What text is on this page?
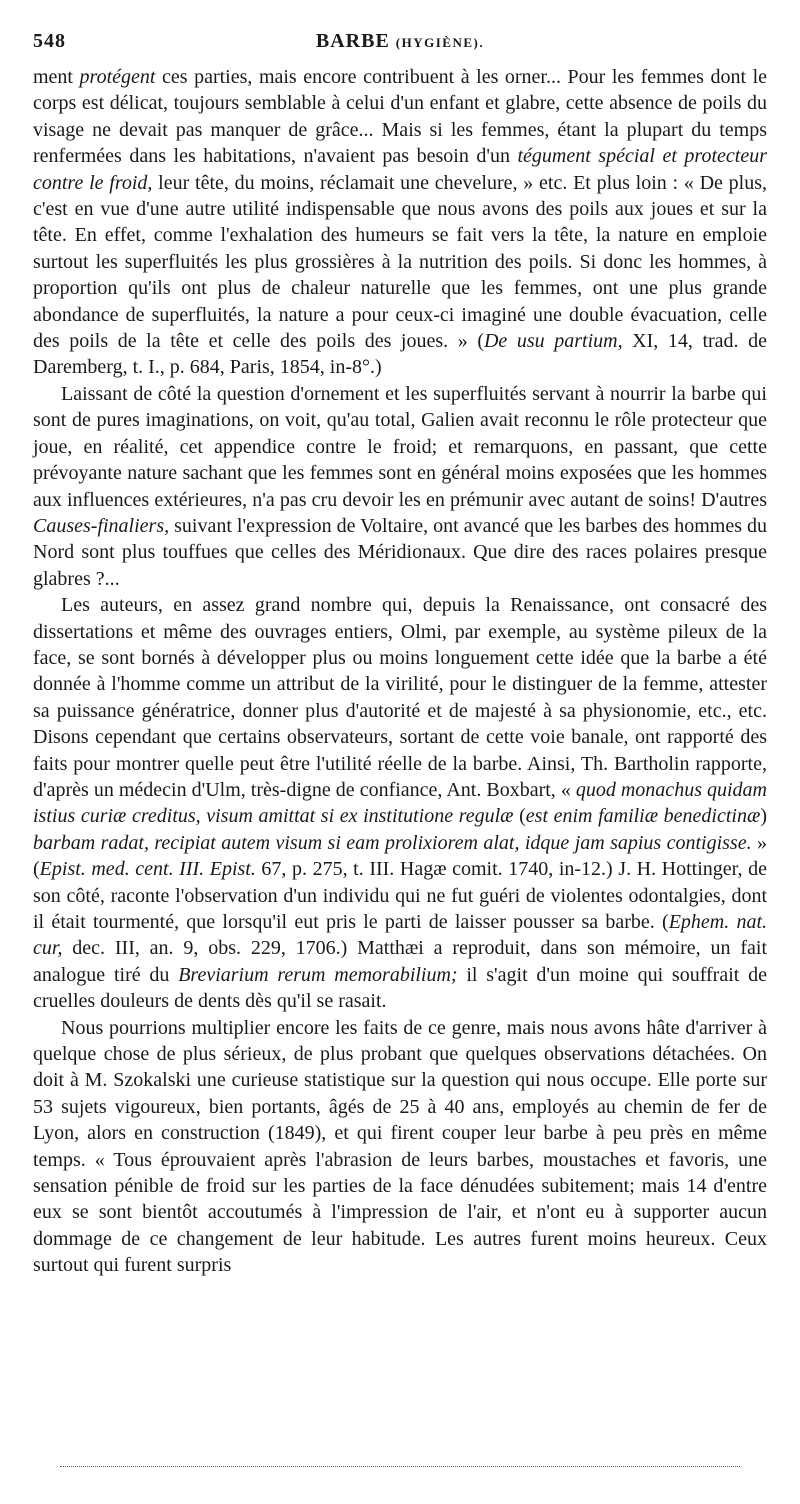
548	BARBE (HYGIÈNE).

ment protégent ces parties, mais encore contribuent à les orner... Pour les femmes dont le corps est délicat, toujours semblable à celui d'un enfant et glabre, cette absence de poils du visage ne devait pas manquer de grâce... Mais si les femmes, étant la plupart du temps renfermées dans les habitations, n'avaient pas besoin d'un tégument spécial et protecteur contre le froid, leur tête, du moins, réclamait une chevelure, » etc. Et plus loin : « De plus, c'est en vue d'une autre utilité indispensable que nous avons des poils aux joues et sur la tête. En effet, comme l'exhalation des humeurs se fait vers la tête, la nature en emploie surtout les superfluités les plus grossières à la nutrition des poils. Si donc les hommes, à proportion qu'ils ont plus de chaleur naturelle que les femmes, ont une plus grande abondance de superfluités, la nature a pour ceux-ci imaginé une double évacuation, celle des poils de la tête et celle des poils des joues. » (De usu partium, XI, 14, trad. de Daremberg, t. I., p. 684, Paris, 1854, in-8°.)

Laissant de côté la question d'ornement et les superfluités servant à nourrir la barbe qui sont de pures imaginations, on voit, qu'au total, Galien avait reconnu le rôle protecteur que joue, en réalité, cet appendice contre le froid; et remarquons, en passant, que cette prévoyante nature sachant que les femmes sont en général moins exposées que les hommes aux influences extérieures, n'a pas cru devoir les en prémunir avec autant de soins! D'autres Causes-finaliers, suivant l'expression de Voltaire, ont avancé que les barbes des hommes du Nord sont plus touffues que celles des Méridionaux. Que dire des races polaires presque glabres ?...

Les auteurs, en assez grand nombre qui, depuis la Renaissance, ont consacré des dissertations et même des ouvrages entiers, Olmi, par exemple, au système pileux de la face, se sont bornés à développer plus ou moins longuement cette idée que la barbe a été donnée à l'homme comme un attribut de la virilité, pour le distinguer de la femme, attester sa puissance génératrice, donner plus d'autorité et de majesté à sa physionomie, etc., etc. Disons cependant que certains observateurs, sortant de cette voie banale, ont rapporté des faits pour montrer quelle peut être l'utilité réelle de la barbe. Ainsi, Th. Bartholin rapporte, d'après un médecin d'Ulm, très-digne de confiance, Ant. Boxbart, « quod monachus quidam istius curiæ creditus, visum amittat si ex institutione regulæ (est enim familiæ benedictinæ) barbam radat, recipiat autem visum si eam prolixiorem alat, idque jam sapius contigisse. » (Epist. med. cent. III. Epist. 67, p. 275, t. III. Hagæ comit. 1740, in-12.) J. H. Hottinger, de son côté, raconte l'observation d'un individu qui ne fut guéri de violentes odontalgies, dont il était tourmenté, que lorsqu'il eut pris le parti de laisser pousser sa barbe. (Ephem. nat. cur, dec. III, an. 9, obs. 229, 1706.) Matthæi a reproduit, dans son mémoire, un fait analogue tiré du Breviarium rerum memorabilium; il s'agit d'un moine qui souffrait de cruelles douleurs de dents dès qu'il se rasait.

Nous pourrions multiplier encore les faits de ce genre, mais nous avons hâte d'arriver à quelque chose de plus sérieux, de plus probant que quelques observations détachées. On doit à M. Szokalski une curieuse statistique sur la question qui nous occupe. Elle porte sur 53 sujets vigoureux, bien portants, âgés de 25 à 40 ans, employés au chemin de fer de Lyon, alors en construction (1849), et qui firent couper leur barbe à peu près en même temps. « Tous éprouvaient après l'abrasion de leurs barbes, moustaches et favoris, une sensation pénible de froid sur les parties de la face dénudées subitement; mais 14 d'entre eux se sont bientôt accoutumés à l'impression de l'air, et n'ont eu à supporter aucun dommage de ce changement de leur habitude. Les autres furent moins heureux. Ceux surtout qui furent surpris
